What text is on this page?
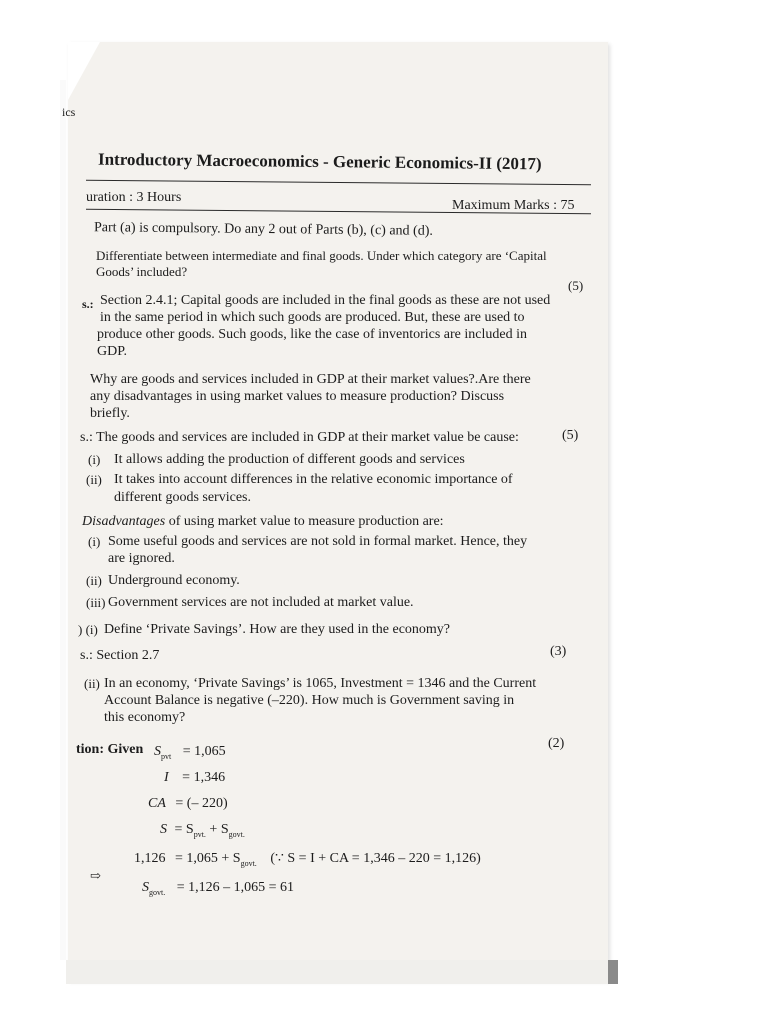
ics
Introductory Macroeconomics - Generic Economics-II (2017)
uration : 3 Hours
Maximum Marks : 75
Part (a) is compulsory. Do any 2 out of Parts (b), (c) and (d).
Differentiate between intermediate and final goods. Under which category are ‘Capital
Goods’ included?
(5)
s.: Section 2.4.1; Capital goods are included in the final goods as these are not used
in the same period in which such goods are produced. But, these are used to
produce other goods. Such goods, like the case of inventorics are included in
GDP.
Why are goods and services included in GDP at their market values?.Are there
any disadvantages in using market values to measure production? Discuss
briefly.
(5)
s.: The goods and services are included in GDP at their market value be cause:
(i) It allows adding the production of different goods and services
(ii) It takes into account differences in the relative economic importance of
different goods services.
Disadvantages of using market value to measure production are:
(i) Some useful goods and services are not sold in formal market. Hence, they
are ignored.
(ii) Underground economy.
(iii) Government services are not included at market value.
) (i) Define ‘Private Savings’. How are they used in the economy?
(3)
s.: Section 2.7
(ii) In an economy, ‘Private Savings’ is 1065, Investment = 1346 and the Current
Account Balance is negative (–220). How much is Government saving in
this economy?
(2)
tion: Given $S_{pvt} = 1,065$
I = 1,346
CA = (– 220)
$S = S_{pvt.} + S_{govt.}$
$1,126 = 1,065 + S_{govt.}$ (∵ S = I + CA = 1,346 – 220 = 1,126)
⇨
$S_{govt.} = 1,126 - 1,065 = 61$
